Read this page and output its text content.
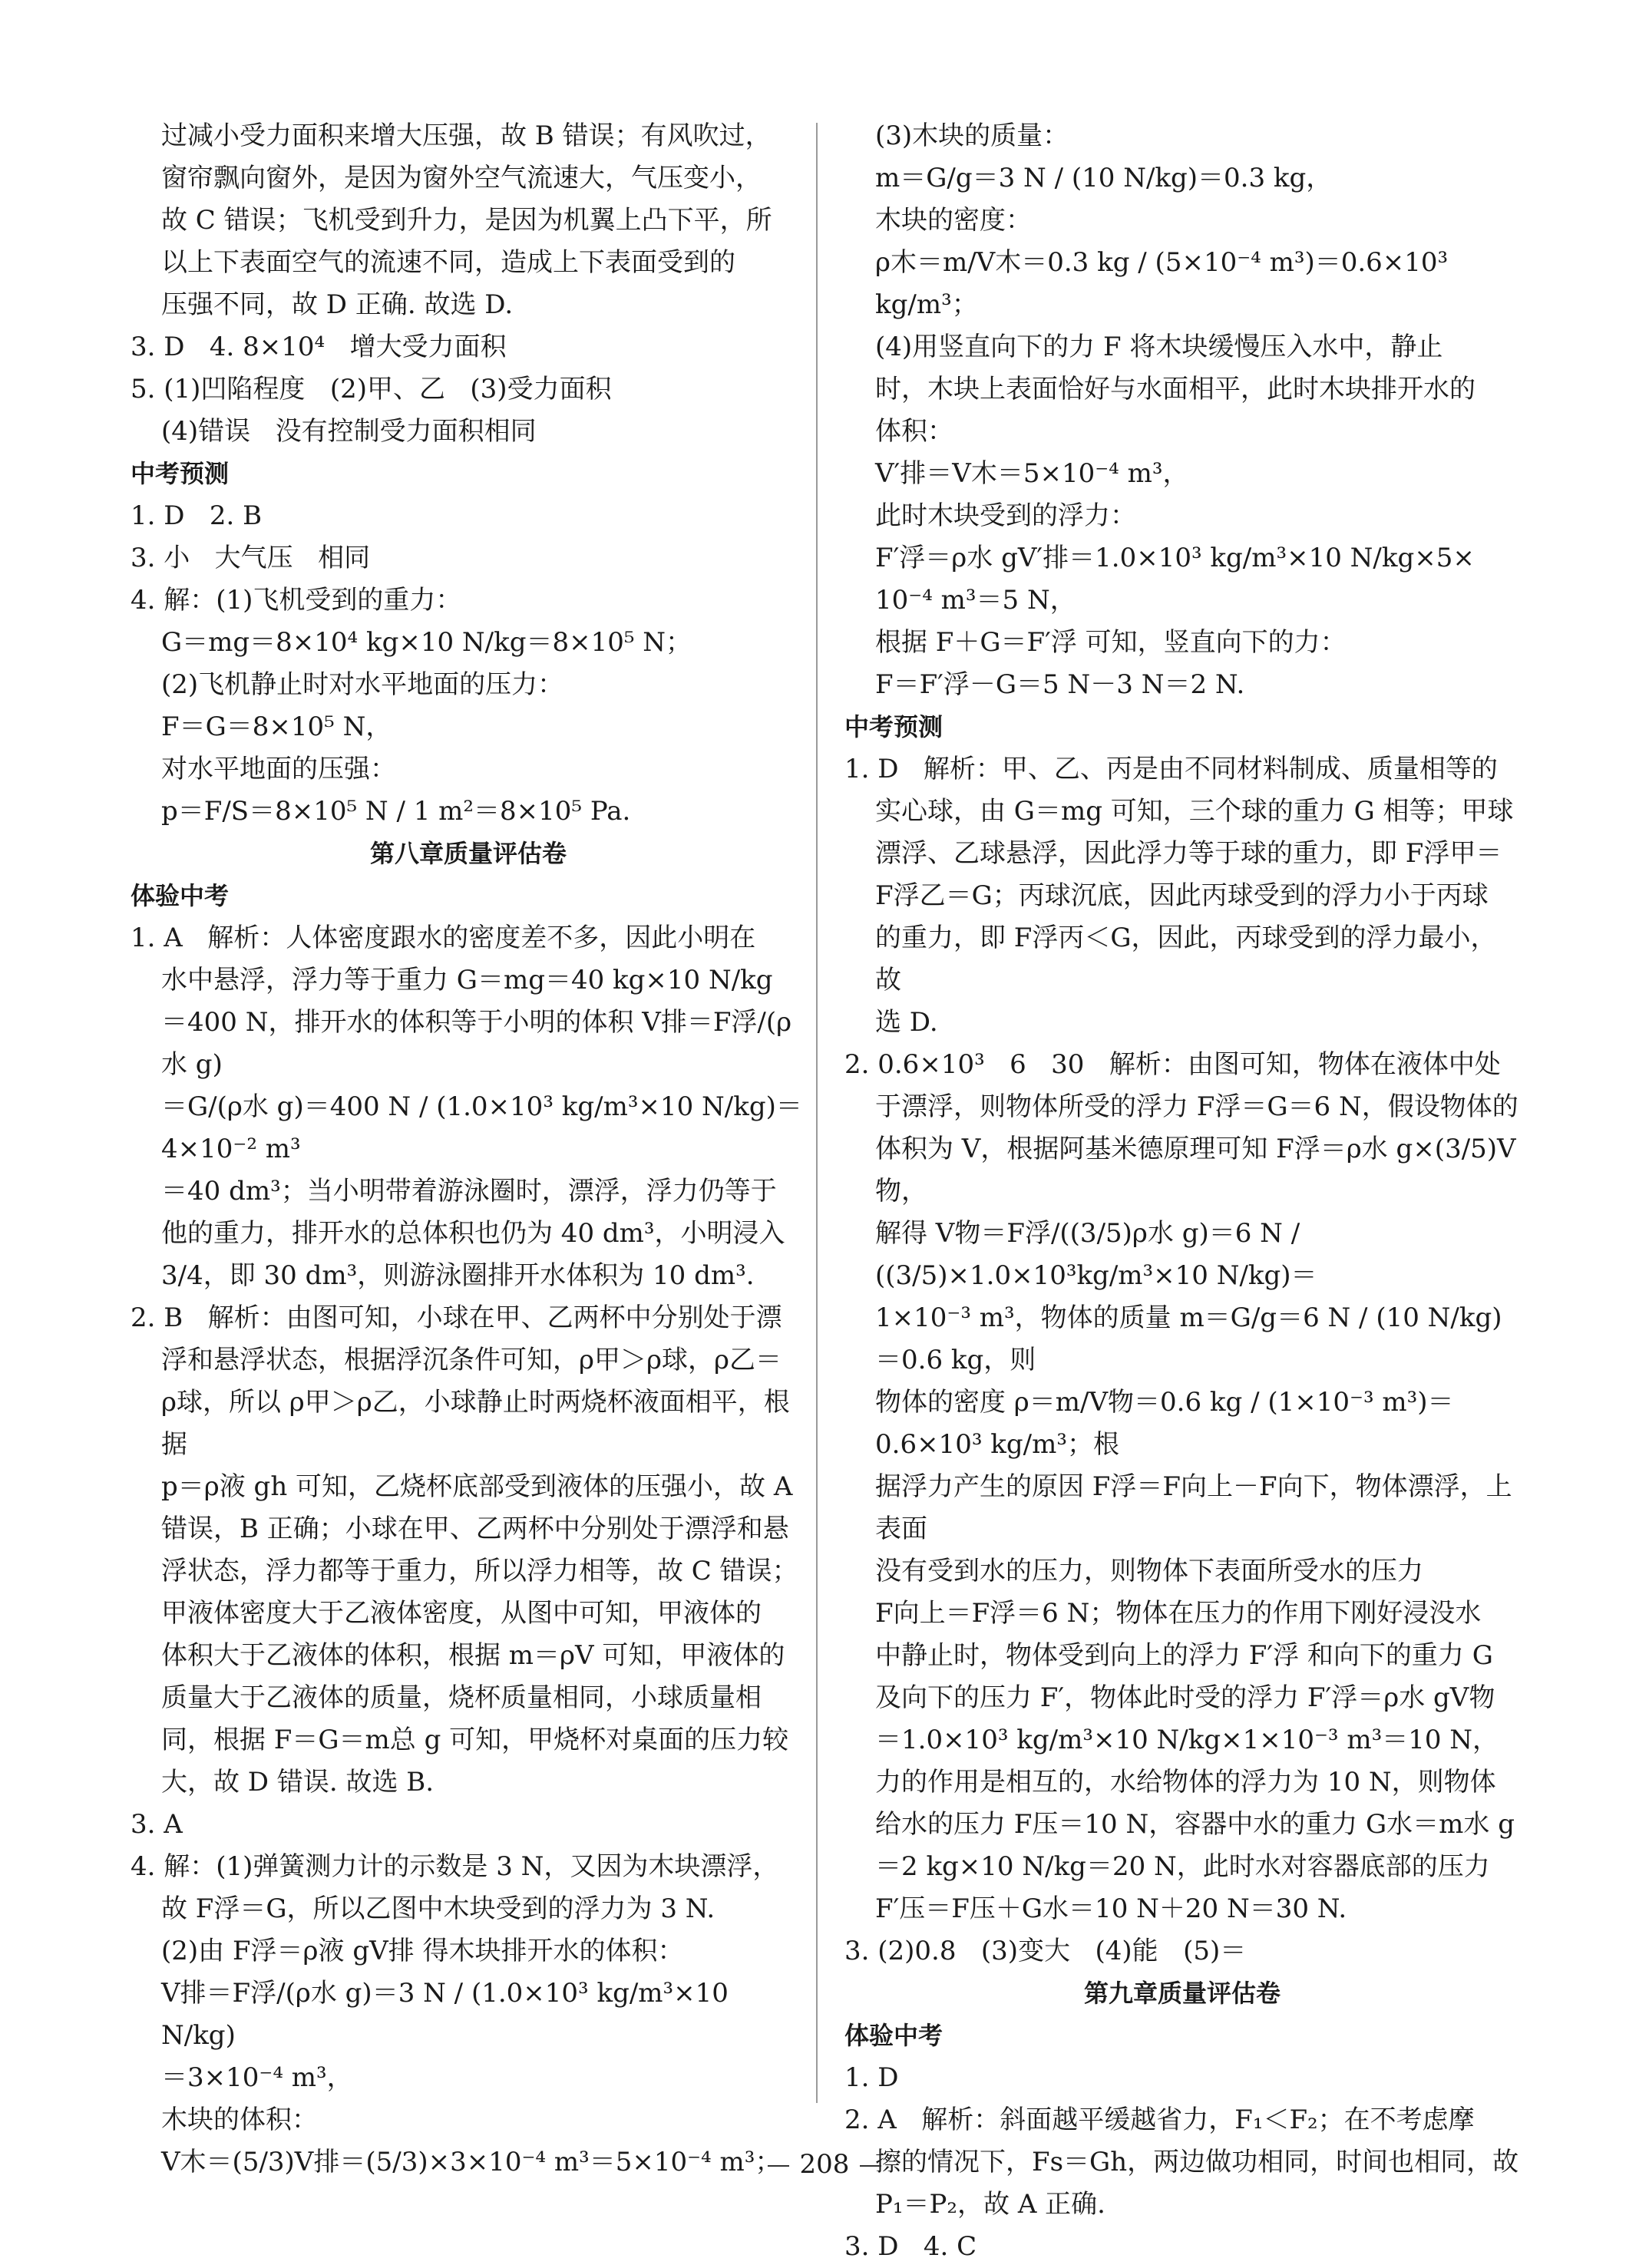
过减小受力面积来增大压强，故 B 错误；有风吹过，

窗帘飘向窗外，是因为窗外空气流速大，气压变小，

故 C 错误；飞机受到升力，是因为机翼上凸下平，所

以上下表面空气的流速不同，造成上下表面受到的

压强不同，故 D 正确. 故选 D.

3. D   4. 8×10⁴   增大受力面积

5. (1)凹陷程度   (2)甲、乙   (3)受力面积

(4)错误   没有控制受力面积相同

中考预测

1. D   2. B

3. 小   大气压   相同

4. 解：(1)飞机受到的重力：

G＝mg＝8×10⁴ kg×10 N/kg＝8×10⁵ N；

(2)飞机静止时对水平地面的压力：

F＝G＝8×10⁵ N，

对水平地面的压强：

p＝F/S＝8×10⁵ N / 1 m²＝8×10⁵ Pa.

第八章质量评估卷

体验中考

1. A   解析：人体密度跟水的密度差不多，因此小明在

水中悬浮，浮力等于重力 G＝mg＝40 kg×10 N/kg

＝400 N，排开水的体积等于小明的体积 V排＝F浮/(ρ水 g)

＝G/(ρ水 g)＝400 N / (1.0×10³ kg/m³×10 N/kg)＝4×10⁻² m³

＝40 dm³；当小明带着游泳圈时，漂浮，浮力仍等于

他的重力，排开水的总体积也仍为 40 dm³，小明浸入

3/4，即 30 dm³，则游泳圈排开水体积为 10 dm³.

2. B   解析：由图可知，小球在甲、乙两杯中分别处于漂

浮和悬浮状态，根据浮沉条件可知，ρ甲＞ρ球，ρ乙＝

ρ球，所以 ρ甲＞ρ乙，小球静止时两烧杯液面相平，根据

p＝ρ液 gh 可知，乙烧杯底部受到液体的压强小，故 A

错误，B 正确；小球在甲、乙两杯中分别处于漂浮和悬

浮状态，浮力都等于重力，所以浮力相等，故 C 错误；

甲液体密度大于乙液体密度，从图中可知，甲液体的

体积大于乙液体的体积，根据 m＝ρV 可知，甲液体的

质量大于乙液体的质量，烧杯质量相同，小球质量相

同，根据 F＝G＝m总 g 可知，甲烧杯对桌面的压力较

大，故 D 错误. 故选 B.

3. A

4. 解：(1)弹簧测力计的示数是 3 N，又因为木块漂浮，

故 F浮＝G，所以乙图中木块受到的浮力为 3 N.

(2)由 F浮＝ρ液 gV排 得木块排开水的体积：

V排＝F浮/(ρ水 g)＝3 N / (1.0×10³ kg/m³×10 N/kg)

＝3×10⁻⁴ m³，

木块的体积：

V木＝(5/3)V排＝(5/3)×3×10⁻⁴ m³＝5×10⁻⁴ m³；

(3)木块的质量：

m＝G/g＝3 N / (10 N/kg)＝0.3 kg，

木块的密度：

ρ木＝m/V木＝0.3 kg / (5×10⁻⁴ m³)＝0.6×10³ kg/m³；

(4)用竖直向下的力 F 将木块缓慢压入水中，静止

时，木块上表面恰好与水面相平，此时木块排开水的

体积：

V′排＝V木＝5×10⁻⁴ m³，

此时木块受到的浮力：

F′浮＝ρ水 gV′排＝1.0×10³ kg/m³×10 N/kg×5×

10⁻⁴ m³＝5 N，

根据 F＋G＝F′浮 可知，竖直向下的力：

F＝F′浮－G＝5 N－3 N＝2 N.

中考预测

1. D   解析：甲、乙、丙是由不同材料制成、质量相等的

实心球，由 G＝mg 可知，三个球的重力 G 相等；甲球

漂浮、乙球悬浮，因此浮力等于球的重力，即 F浮甲＝

F浮乙＝G；丙球沉底，因此丙球受到的浮力小于丙球

的重力，即 F浮丙＜G，因此，丙球受到的浮力最小，故

选 D.

2. 0.6×10³   6   30   解析：由图可知，物体在液体中处

于漂浮，则物体所受的浮力 F浮＝G＝6 N，假设物体的

体积为 V，根据阿基米德原理可知 F浮＝ρ水 g×(3/5)V物，

解得 V物＝F浮/((3/5)ρ水 g)＝6 N / ((3/5)×1.0×10³kg/m³×10 N/kg)＝

1×10⁻³ m³，物体的质量 m＝G/g＝6 N / (10 N/kg)＝0.6 kg，则

物体的密度 ρ＝m/V物＝0.6 kg / (1×10⁻³ m³)＝0.6×10³ kg/m³；根

据浮力产生的原因 F浮＝F向上－F向下，物体漂浮，上表面

没有受到水的压力，则物体下表面所受水的压力

F向上＝F浮＝6 N；物体在压力的作用下刚好浸没水

中静止时，物体受到向上的浮力 F′浮 和向下的重力 G

及向下的压力 F′，物体此时受的浮力 F′浮＝ρ水 gV物

＝1.0×10³ kg/m³×10 N/kg×1×10⁻³ m³＝10 N，

力的作用是相互的，水给物体的浮力为 10 N，则物体

给水的压力 F压＝10 N，容器中水的重力 G水＝m水 g

＝2 kg×10 N/kg＝20 N，此时水对容器底部的压力

F′压＝F压＋G水＝10 N＋20 N＝30 N.

3. (2)0.8   (3)变大   (4)能   (5)＝

第九章质量评估卷

体验中考

1. D

2. A   解析：斜面越平缓越省力，F₁＜F₂；在不考虑摩

擦的情况下，Fs＝Gh，两边做功相同，时间也相同，故

P₁＝P₂，故 A 正确.

3. D   4. C

208
